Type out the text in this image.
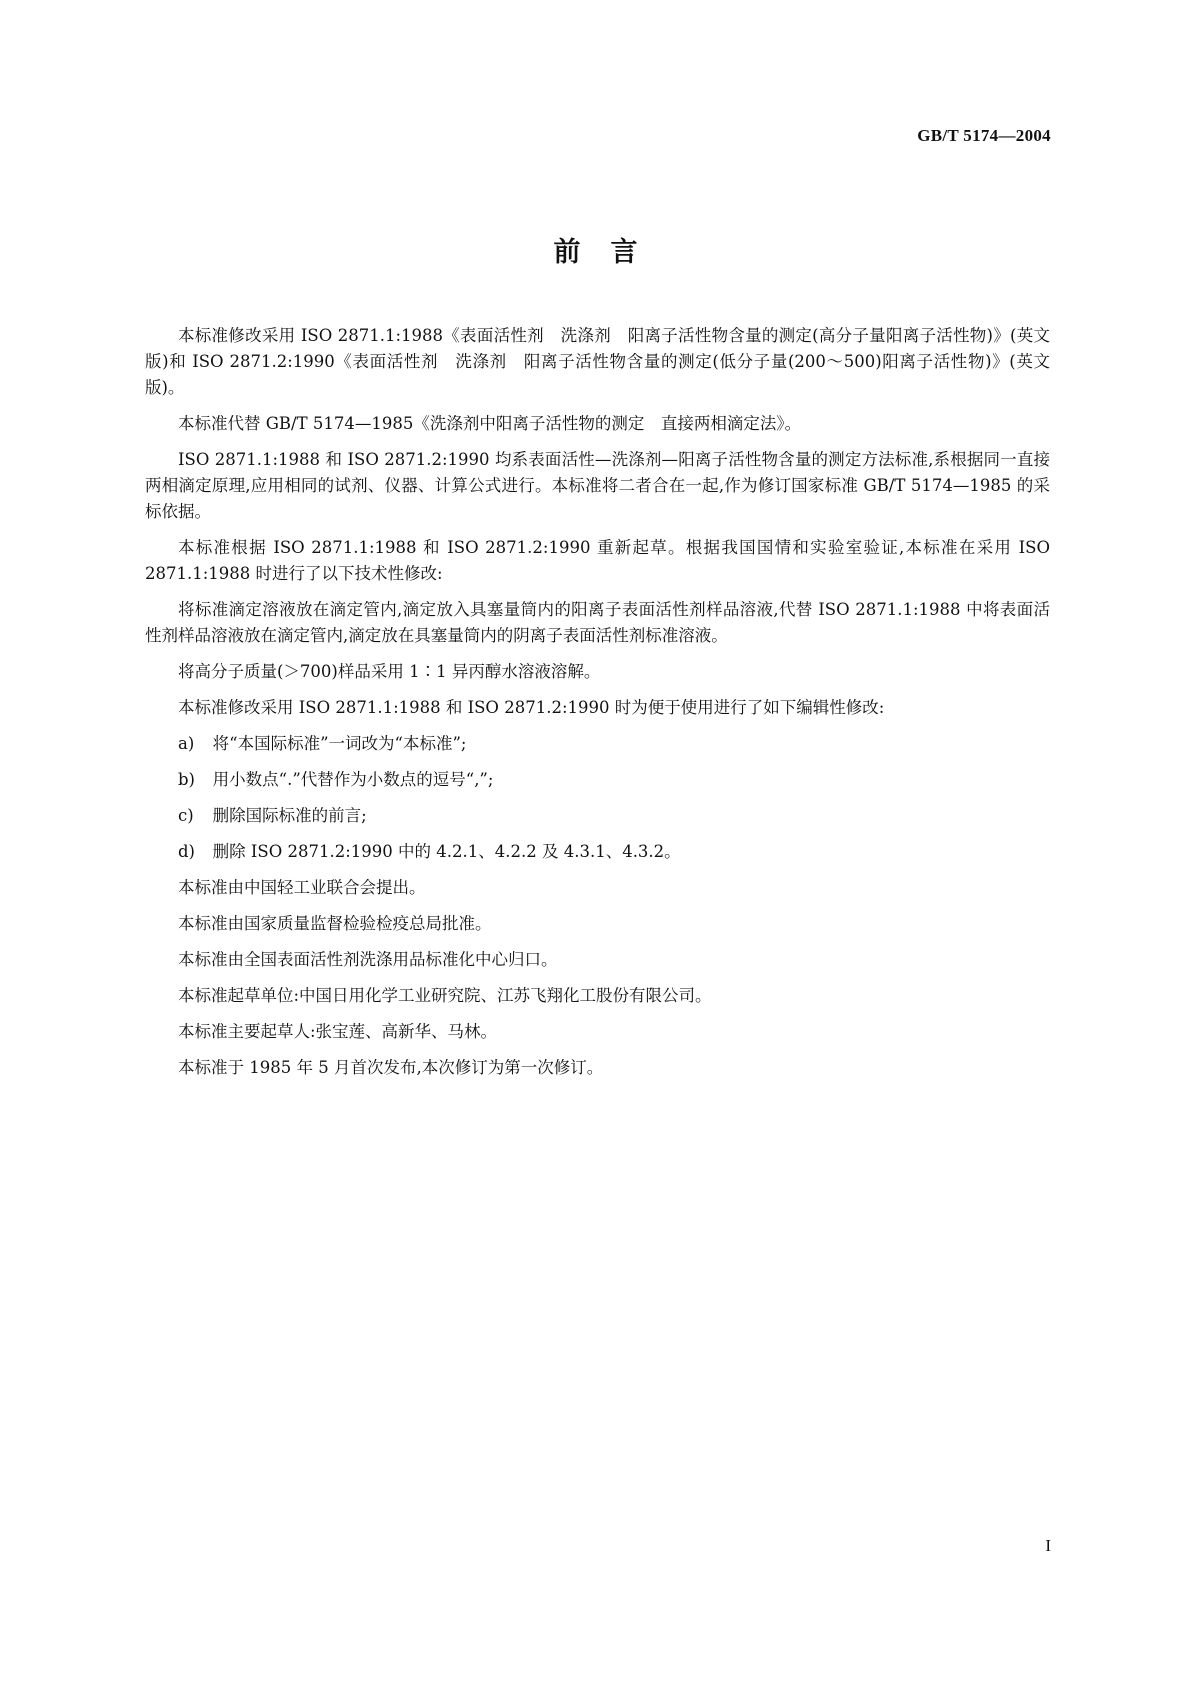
GB/T 5174—2004
前言

本标准修改采用 ISO 2871.1:1988《表面活性剂　洗涤剂　阳离子活性物含量的测定(高分子量阳离子活性物)》(英文版)和 ISO 2871.2:1990《表面活性剂　洗涤剂　阳离子活性物含量的测定(低分子量(200～500)阳离子活性物)》(英文版)。

本标准代替 GB/T 5174—1985《洗涤剂中阳离子活性物的测定　直接两相滴定法》。

ISO 2871.1:1988 和 ISO 2871.2:1990 均系表面活性—洗涤剂—阳离子活性物含量的测定方法标准,系根据同一直接两相滴定原理,应用相同的试剂、仪器、计算公式进行。本标准将二者合在一起,作为修订国家标准 GB/T 5174—1985 的采标依据。

本标准根据 ISO 2871.1:1988 和 ISO 2871.2:1990 重新起草。根据我国国情和实验室验证,本标准在采用 ISO 2871.1:1988 时进行了以下技术性修改:

将标准滴定溶液放在滴定管内,滴定放入具塞量筒内的阳离子表面活性剂样品溶液,代替 ISO 2871.1:1988 中将表面活性剂样品溶液放在滴定管内,滴定放在具塞量筒内的阴离子表面活性剂标准溶液。

将高分子质量(＞700)样品采用 1∶1 异丙醇水溶液溶解。

本标准修改采用 ISO 2871.1:1988 和 ISO 2871.2:1990 时为便于使用进行了如下编辑性修改:

a) 将“本国际标准”一词改为“本标准”;
b) 用小数点“.”代替作为小数点的逗号“,”;
c) 删除国际标准的前言;
d) 删除 ISO 2871.2:1990 中的 4.2.1、4.2.2 及 4.3.1、4.3.2。

本标准由中国轻工业联合会提出。

本标准由国家质量监督检验检疫总局批准。

本标准由全国表面活性剂洗涤用品标准化中心归口。

本标准起草单位:中国日用化学工业研究院、江苏飞翔化工股份有限公司。

本标准主要起草人:张宝莲、高新华、马林。

本标准于 1985 年 5 月首次发布,本次修订为第一次修订。

I
